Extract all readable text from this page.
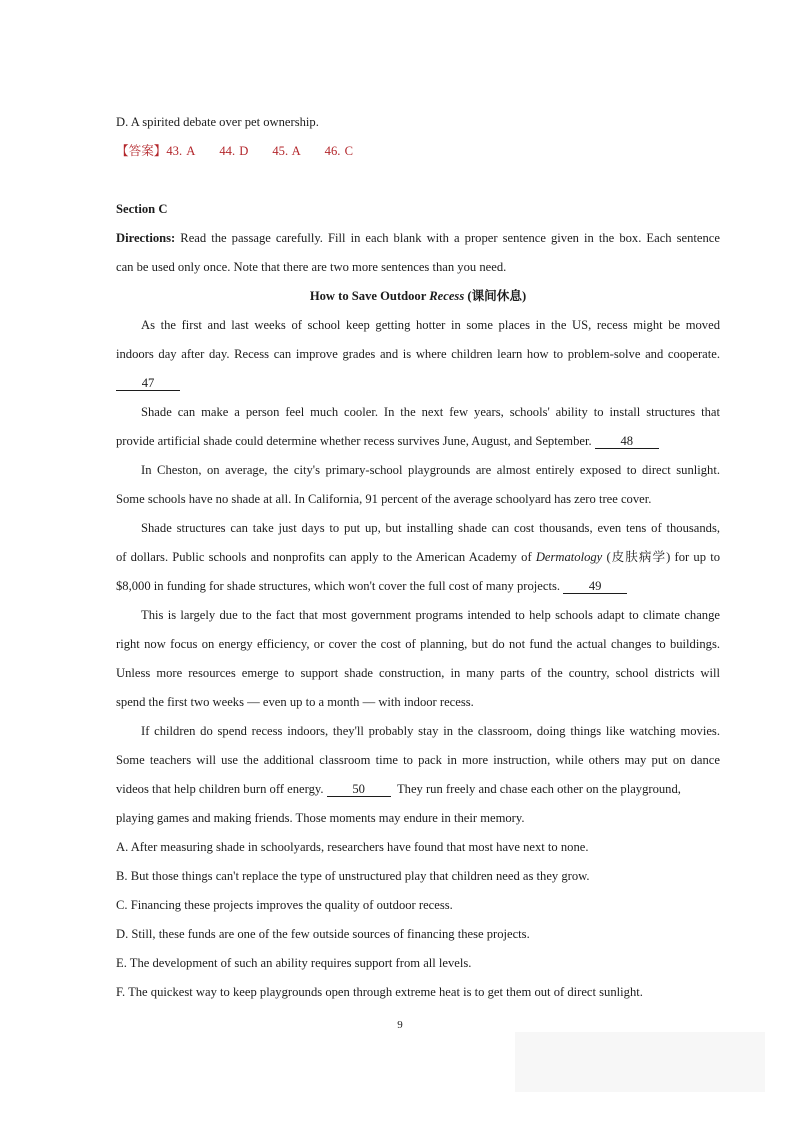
D. A spirited debate over pet ownership.
【答案】43. A 44. D 45. A 46. C
Section C
Directions: Read the passage carefully. Fill in each blank with a proper sentence given in the box. Each sentence
can be used only once. Note that there are two more sentences than you need.
How to Save Outdoor Recess (课间休息)
As the first and last weeks of school keep getting hotter in some places in the US, recess might be moved
indoors day after day. Recess can improve grades and is where children learn how to problem-solve and cooperate.
47
Shade can make a person feel much cooler. In the next few years, schools' ability to install structures that
provide artificial shade could determine whether recess survives June, August, and September. 48
In Cheston, on average, the city's primary-school playgrounds are almost entirely exposed to direct sunlight.
Some schools have no shade at all. In California, 91 percent of the average schoolyard has zero tree cover.
Shade structures can take just days to put up, but installing shade can cost thousands, even tens of thousands,
of dollars. Public schools and nonprofits can apply to the American Academy of Dermatology (皮肤病学) for up to
$8,000 in funding for shade structures, which won't cover the full cost of many projects. 49
This is largely due to the fact that most government programs intended to help schools adapt to climate change
right now focus on energy efficiency, or cover the cost of planning, but do not fund the actual changes to buildings.
Unless more resources emerge to support shade construction, in many parts of the country, school districts will
spend the first two weeks — even up to a month — with indoor recess.
If children do spend recess indoors, they'll probably stay in the classroom, doing things like watching movies.
Some teachers will use the additional classroom time to pack in more instruction, while others may put on dance
videos that help children burn off energy. 50	They run freely and chase each other on the playground,
playing games and making friends. Those moments may endure in their memory.
A. After measuring shade in schoolyards, researchers have found that most have next to none.
B. But those things can't replace the type of unstructured play that children need as they grow.
C. Financing these projects improves the quality of outdoor recess.
D. Still, these funds are one of the few outside sources of financing these projects.
E. The development of such an ability requires support from all levels.
F. The quickest way to keep playgrounds open through extreme heat is to get them out of direct sunlight.
9
